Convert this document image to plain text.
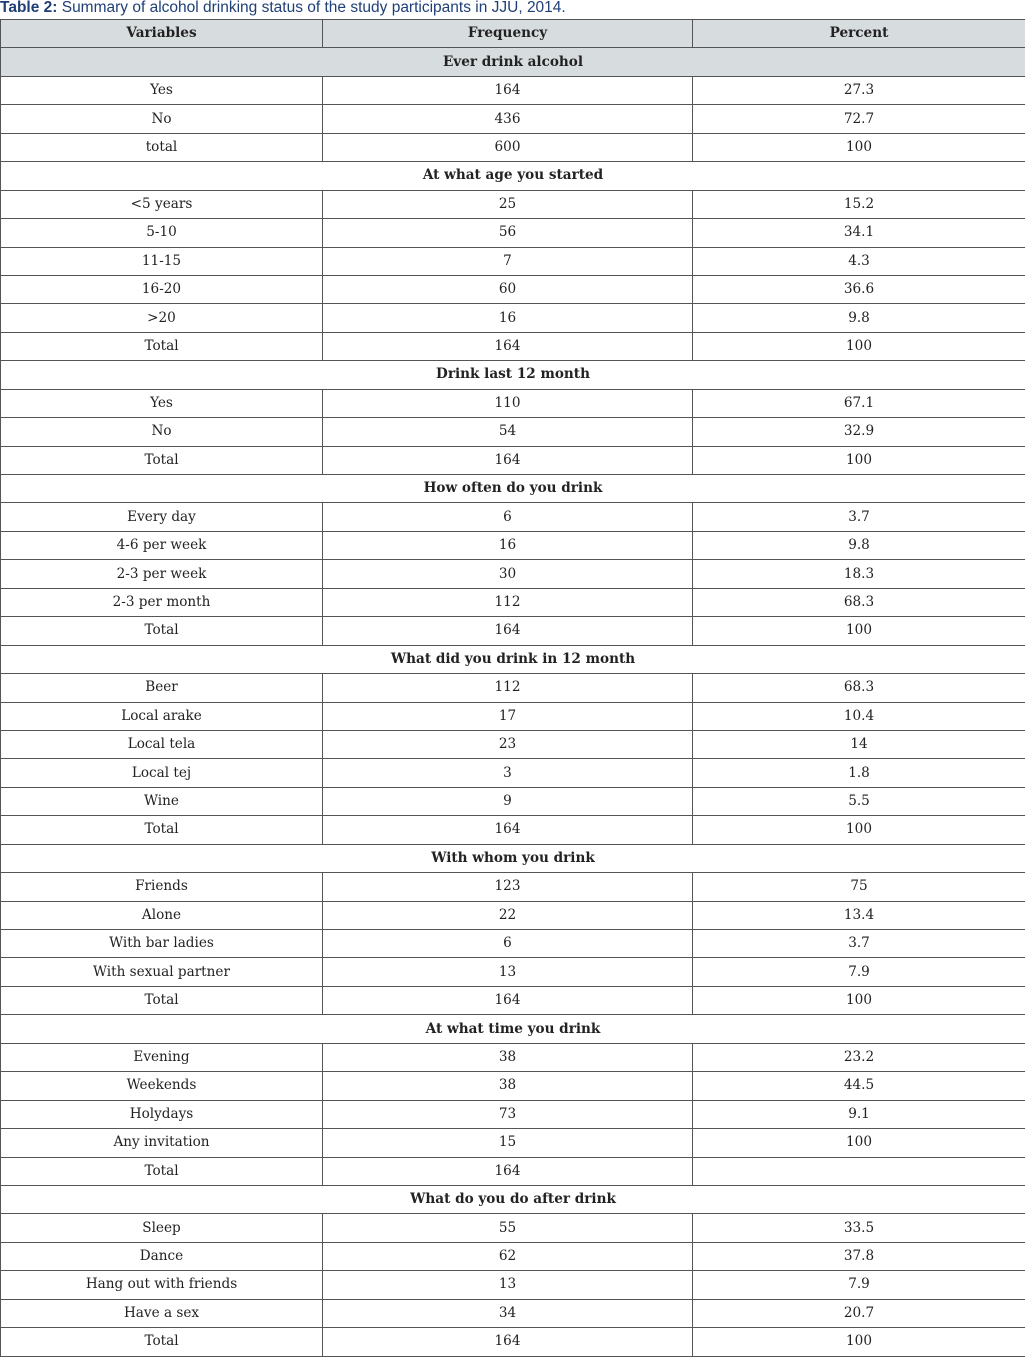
Table 2: Summary of alcohol drinking status of the study participants in JJU, 2014.
Variables	Frequency	Percent
Ever drink alcohol		
Yes	164	27.3
No	436	72.7
total	600	100
At what age you started		
<5 years	25	15.2
5-10	56	34.1
11-15	7	4.3
16-20	60	36.6
>20	16	9.8
Total	164	100
Drink last 12 month		
Yes	110	67.1
No	54	32.9
Total	164	100
How often do you drink		
Every day	6	3.7
4-6 per week	16	9.8
2-3 per week	30	18.3
2-3 per month	112	68.3
Total	164	100
What did you drink in 12 month		
Beer	112	68.3
Local arake	17	10.4
Local tela	23	14
Local tej	3	1.8
Wine	9	5.5
Total	164	100
With whom you drink		
Friends	123	75
Alone	22	13.4
With bar ladies	6	3.7
With sexual partner	13	7.9
Total	164	100
At what time you drink		
Evening	38	23.2
Weekends	38	44.5
Holydays	73	9.1
Any invitation	15	100
Total	164	
What do you do after drink		
Sleep	55	33.5
Dance	62	37.8
Hang out with friends	13	7.9
Have a sex	34	20.7
Total	164	100
